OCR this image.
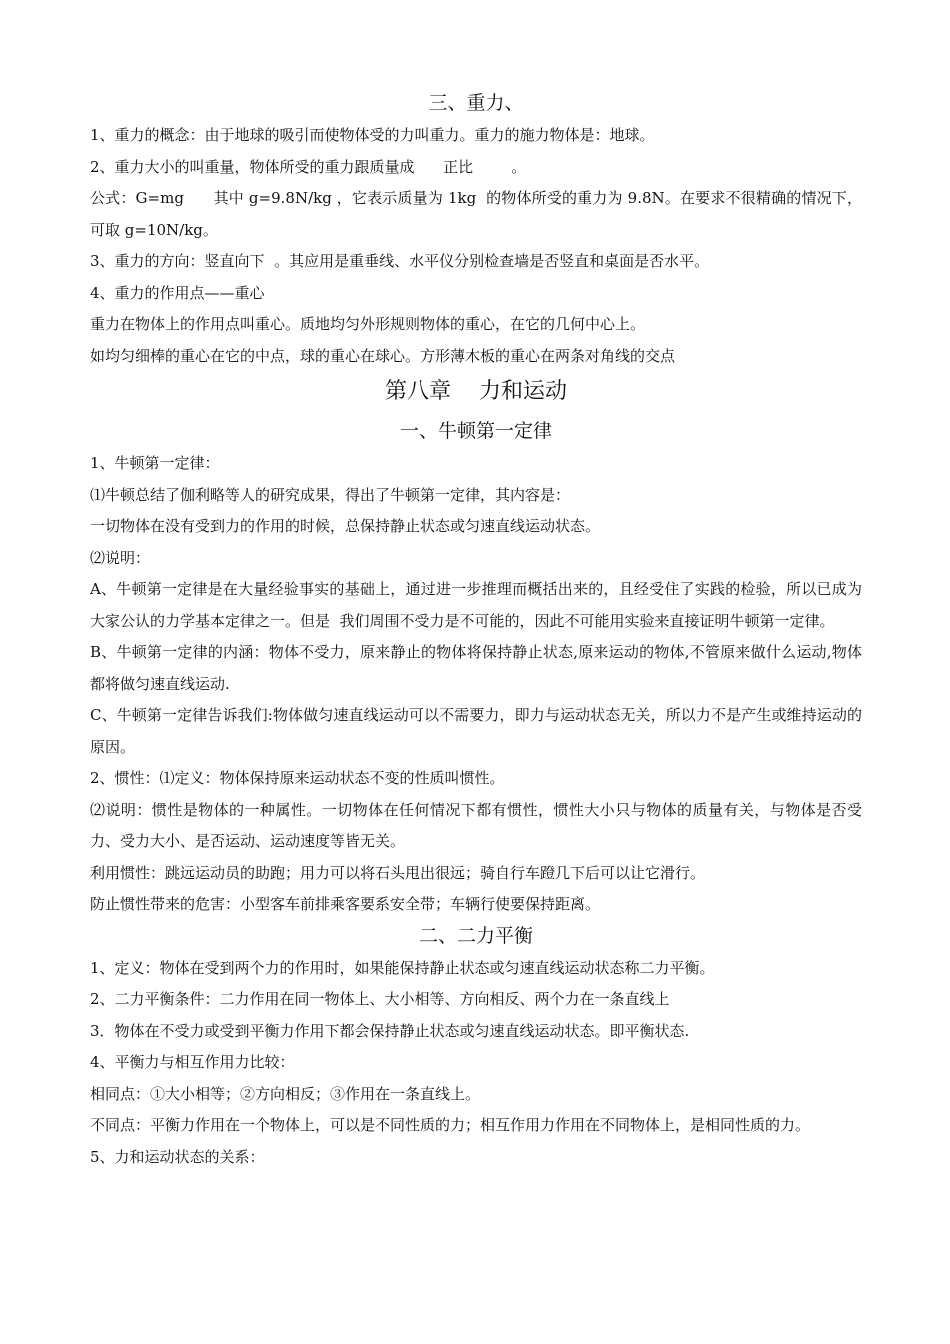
三、重力、
1、重力的概念：由于地球的吸引而使物体受的力叫重力。重力的施力物体是：地球。
2、重力大小的叫重量，物体所受的重力跟质量成      正比        。
公式：G=mg      其中 g=9.8N/kg ，它表示质量为 1kg  的物体所受的重力为 9.8N。在要求不很精确的情况下，可取 g=10N/kg。
3、重力的方向：竖直向下  。其应用是重垂线、水平仪分别检查墙是否竖直和桌面是否水平。
4、重力的作用点——重心
重力在物体上的作用点叫重心。质地均匀外形规则物体的重心，在它的几何中心上。
如均匀细棒的重心在它的中点，球的重心在球心。方形薄木板的重心在两条对角线的交点
第八章    力和运动
一、牛顿第一定律
1、牛顿第一定律：
⑴牛顿总结了伽利略等人的研究成果，得出了牛顿第一定律，其内容是：
一切物体在没有受到力的作用的时候，总保持静止状态或匀速直线运动状态。
⑵说明：
A、牛顿第一定律是在大量经验事实的基础上，通过进一步推理而概括出来的，且经受住了实践的检验，所以已成为大家公认的力学基本定律之一。但是  我们周围不受力是不可能的，因此不可能用实验来直接证明牛顿第一定律。
B、牛顿第一定律的内涵：物体不受力，原来静止的物体将保持静止状态,原来运动的物体,不管原来做什么运动,物体都将做匀速直线运动.
C、牛顿第一定律告诉我们:物体做匀速直线运动可以不需要力，即力与运动状态无关，所以力不是产生或维持运动的原因。
2、惯性：⑴定义：物体保持原来运动状态不变的性质叫惯性。
⑵说明：惯性是物体的一种属性。一切物体在任何情况下都有惯性，惯性大小只与物体的质量有关，与物体是否受力、受力大小、是否运动、运动速度等皆无关。
利用惯性：跳远运动员的助跑；用力可以将石头甩出很远；骑自行车蹬几下后可以让它滑行。
防止惯性带来的危害：小型客车前排乘客要系安全带；车辆行使要保持距离。
二、二力平衡
1、定义：物体在受到两个力的作用时，如果能保持静止状态或匀速直线运动状态称二力平衡。
2、二力平衡条件：二力作用在同一物体上、大小相等、方向相反、两个力在一条直线上
3．物体在不受力或受到平衡力作用下都会保持静止状态或匀速直线运动状态。即平衡状态.
4、平衡力与相互作用力比较：
相同点：①大小相等；②方向相反；③作用在一条直线上。
不同点：平衡力作用在一个物体上，可以是不同性质的力；相互作用力作用在不同物体上，是相同性质的力。
5、力和运动状态的关系：
